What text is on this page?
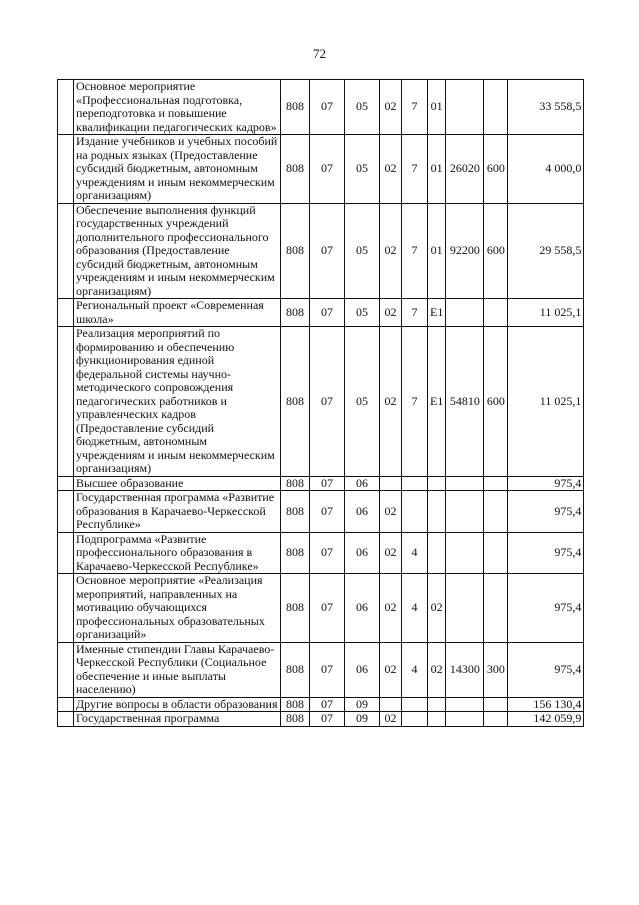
72
	Основное мероприятие «Профессиональная подготовка, переподготовка и повышение квалификации педагогических кадров»	808	07	05	02	7	01			33 558,5
	Издание учебников и учебных пособий на родных языках (Предоставление субсидий бюджетным, автономным учреждениям и иным некоммерческим организациям)	808	07	05	02	7	01	26020	600	4 000,0
	Обеспечение выполнения функций государственных учреждений дополнительного профессионального образования (Предоставление субсидий бюджетным, автономным учреждениям и иным некоммерческим организациям)	808	07	05	02	7	01	92200	600	29 558,5
	Региональный проект «Современная школа»	808	07	05	02	7	E1			11 025,1
	Реализация мероприятий по формированию и обеспечению функционирования единой федеральной системы научно-методического сопровождения педагогических работников и управленческих кадров (Предоставление субсидий бюджетным, автономным учреждениям и иным некоммерческим организациям)	808	07	05	02	7	E1	54810	600	11 025,1
	Высшее образование	808	07	06						975,4
	Государственная программа «Развитие образования в Карачаево-Черкесской Республике»	808	07	06	02					975,4
	Подпрограмма «Развитие профессионального образования в Карачаево-Черкесской Республике»	808	07	06	02	4				975,4
	Основное мероприятие «Реализация мероприятий, направленных на мотивацию обучающихся профессиональных образовательных организаций»	808	07	06	02	4	02			975,4
	Именные стипендии Главы Карачаево-Черкесской Республики (Социальное обеспечение и иные выплаты населению)	808	07	06	02	4	02	14300	300	975,4
	Другие вопросы в области образования	808	07	09						156 130,4
	Государственная программа	808	07	09	02					142 059,9
